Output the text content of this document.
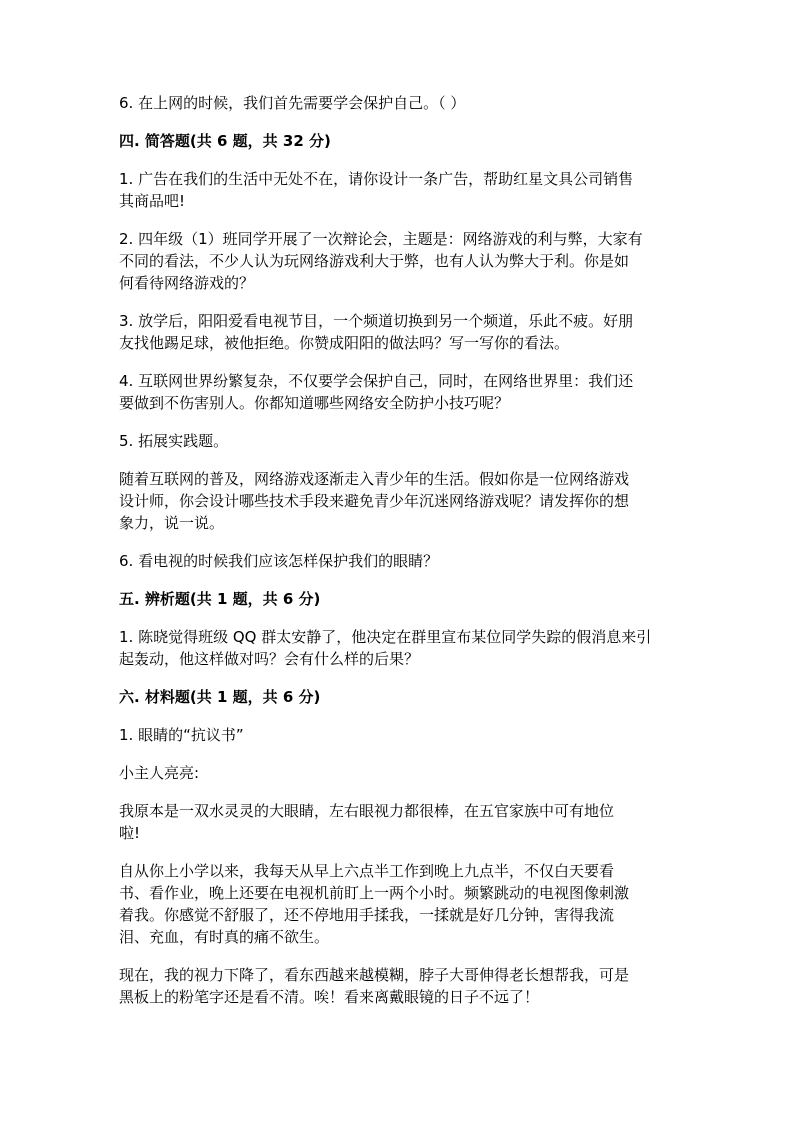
6. 在上网的时候，我们首先需要学会保护自己。（ ）
四. 简答题(共 6 题，共 32 分)
1. 广告在我们的生活中无处不在，请你设计一条广告，帮助红星文具公司销售
其商品吧!
2. 四年级（1）班同学开展了一次辩论会，主题是：网络游戏的利与弊，大家有
不同的看法，不少人认为玩网络游戏利大于弊，也有人认为弊大于利。你是如
何看待网络游戏的？
3. 放学后，阳阳爱看电视节目，一个频道切换到另一个频道，乐此不疲。好朋
友找他踢足球，被他拒绝。你赞成阳阳的做法吗？写一写你的看法。
4. 互联网世界纷繁复杂，不仅要学会保护自己，同时，在网络世界里：我们还
要做到不伤害别人。你都知道哪些网络安全防护小技巧呢？
5. 拓展实践题。
随着互联网的普及，网络游戏逐渐走入青少年的生活。假如你是一位网络游戏
设计师，你会设计哪些技术手段来避免青少年沉迷网络游戏呢？请发挥你的想
象力，说一说。
6. 看电视的时候我们应该怎样保护我们的眼睛？
五. 辨析题(共 1 题，共 6 分)
1. 陈晓觉得班级 QQ 群太安静了，他决定在群里宣布某位同学失踪的假消息来引
起轰动，他这样做对吗？会有什么样的后果？
六. 材料题(共 1 题，共 6 分)
1. 眼睛的“抗议书”
小主人亮亮:
我原本是一双水灵灵的大眼睛，左右眼视力都很棒，在五官家族中可有地位
啦!
自从你上小学以来，我每天从早上六点半工作到晚上九点半，不仅白天要看
书、看作业，晚上还要在电视机前盯上一两个小时。频繁跳动的电视图像刺激
着我。你感觉不舒服了，还不停地用手揉我，一揉就是好几分钟，害得我流
泪、充血，有时真的痛不欲生。
现在，我的视力下降了，看东西越来越模糊，脖子大哥伸得老长想帮我，可是
黑板上的粉笔字还是看不清。唉！看来离戴眼镜的日子不远了！
